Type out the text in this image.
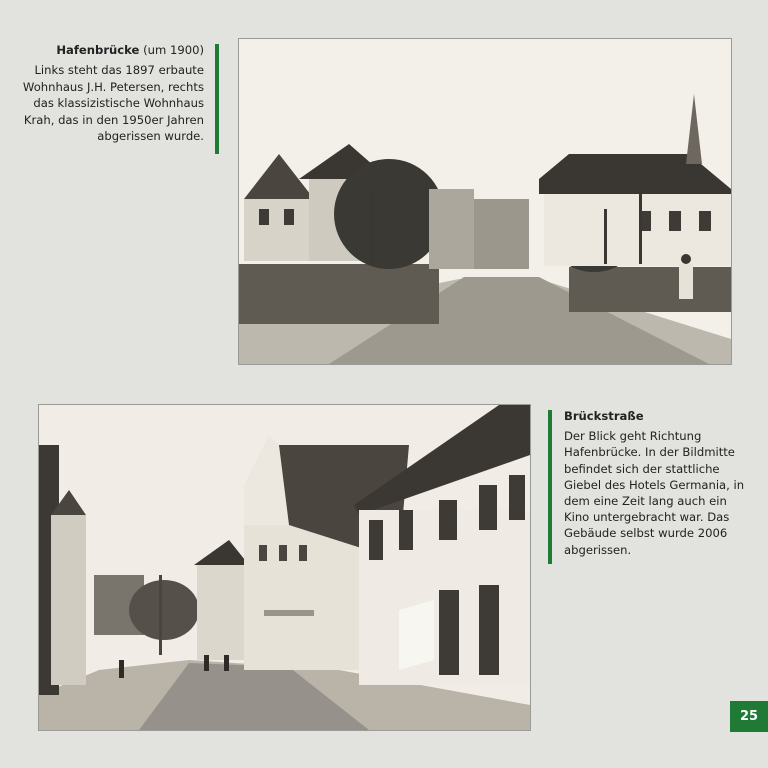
Hafenbrücke (um 1900)
Links steht das 1897 erbaute Wohnhaus J.H. Petersen, rechts das klassizistische Wohnhaus Krah, das in den 1950er Jahren abgerissen wurde.
Brückstraße
Der Blick geht Richtung Hafenbrücke. In der Bildmitte befindet sich der stattliche Giebel des Hotels Germania, in dem eine Zeit lang auch ein Kino untergebracht war. Das Gebäude selbst wurde 2006 abgerissen.
25
